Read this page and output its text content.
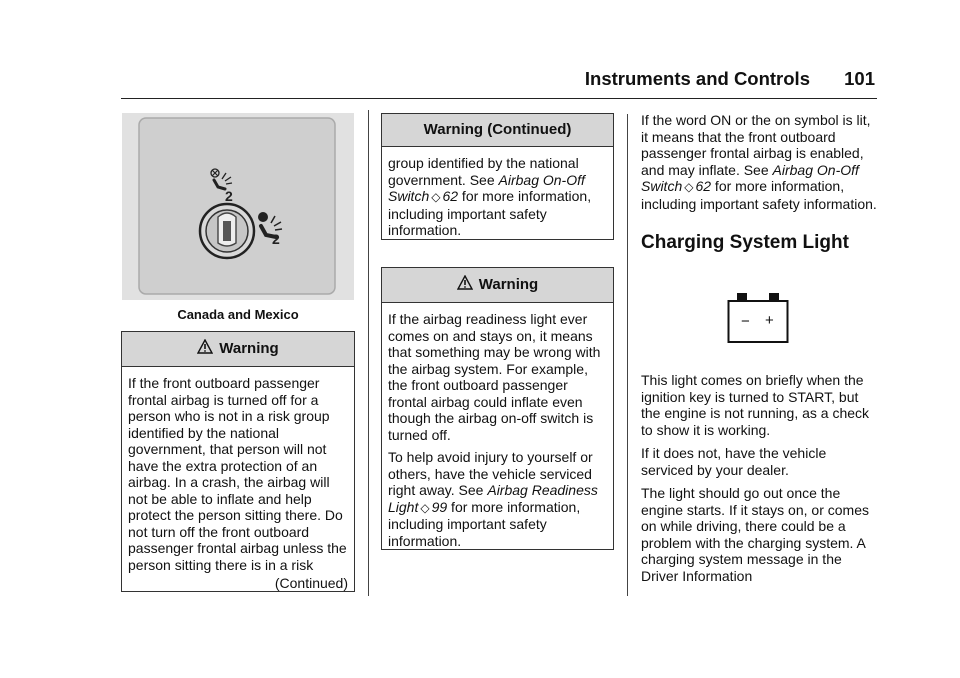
Instruments and Controls 101
2
2
Canada and Mexico
Warning

If the front outboard passenger frontal airbag is turned off for a person who is not in a risk group identified by the national government, that person will not have the extra protection of an airbag. In a crash, the airbag will not be able to inflate and help protect the person sitting there. Do not turn off the front outboard passenger frontal airbag unless the person sitting there is in a risk

(Continued)
Warning (Continued)

group identified by the national government. See Airbag On-Off Switch ◇ 62 for more information, including important safety information.

Warning

If the airbag readiness light ever comes on and stays on, it means that something may be wrong with the airbag system. For example, the front outboard passenger frontal airbag could inflate even though the airbag on-off switch is turned off.

To help avoid injury to yourself or others, have the vehicle serviced right away. See Airbag Readiness Light ◇ 99 for more information, including important safety information.

If the word ON or the on symbol is lit, it means that the front outboard passenger frontal airbag is enabled, and may inflate. See Airbag On-Off Switch ◇ 62 for more information, including important safety information.

Charging System Light
− +

This light comes on briefly when the ignition key is turned to START, but the engine is not running, as a check to show it is working.

If it does not, have the vehicle serviced by your dealer.

The light should go out once the engine starts. If it stays on, or comes on while driving, there could be a problem with the charging system. A charging system message in the Driver Information
